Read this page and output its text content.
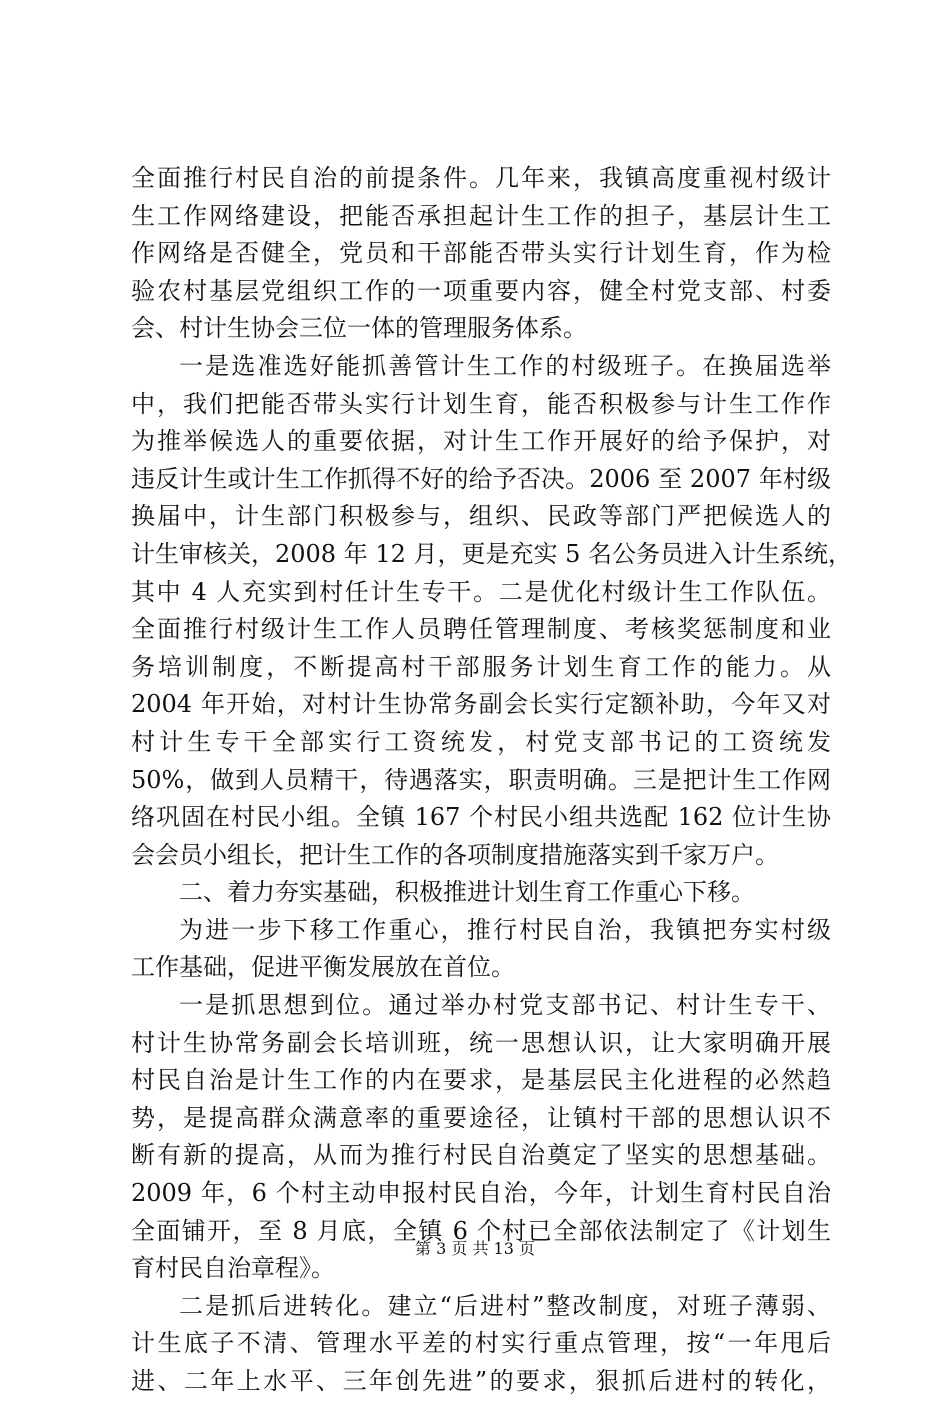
全面推行村民自治的前提条件。几年来，我镇高度重视村级计
生工作网络建设，把能否承担起计生工作的担子，基层计生工
作网络是否健全，党员和干部能否带头实行计划生育，作为检
验农村基层党组织工作的一项重要内容，健全村党支部、村委
会、村计生协会三位一体的管理服务体系。
一是选准选好能抓善管计生工作的村级班子。在换届选举
中，我们把能否带头实行计划生育，能否积极参与计生工作作
为推举候选人的重要依据，对计生工作开展好的给予保护，对
违反计生或计生工作抓得不好的给予否决。2006 至 2007 年村级
换届中，计生部门积极参与，组织、民政等部门严把候选人的
计生审核关，2008 年 12 月，更是充实 5 名公务员进入计生系统，
其中 4 人充实到村任计生专干。二是优化村级计生工作队伍。
全面推行村级计生工作人员聘任管理制度、考核奖惩制度和业
务培训制度，不断提高村干部服务计划生育工作的能力。从
2004 年开始，对村计生协常务副会长实行定额补助，今年又对
村计生专干全部实行工资统发，村党支部书记的工资统发
50%，做到人员精干，待遇落实，职责明确。三是把计生工作网
络巩固在村民小组。全镇 167 个村民小组共选配 162 位计生协
会会员小组长，把计生工作的各项制度措施落实到千家万户。
二、着力夯实基础，积极推进计划生育工作重心下移。
为进一步下移工作重心，推行村民自治，我镇把夯实村级
工作基础，促进平衡发展放在首位。
一是抓思想到位。通过举办村党支部书记、村计生专干、
村计生协常务副会长培训班，统一思想认识，让大家明确开展
村民自治是计生工作的内在要求，是基层民主化进程的必然趋
势，是提高群众满意率的重要途径，让镇村干部的思想认识不
断有新的提高，从而为推行村民自治奠定了坚实的思想基础。
2009 年，6 个村主动申报村民自治，今年，计划生育村民自治
全面铺开，至 8 月底，全镇 6 个村已全部依法制定了《计划生
育村民自治章程》。
二是抓后进转化。建立“后进村”整改制度，对班子薄弱、
计生底子不清、管理水平差的村实行重点管理，按“一年甩后
进、二年上水平、三年创先进”的要求，狠抓后进村的转化，
第 3 页 共 13 页
